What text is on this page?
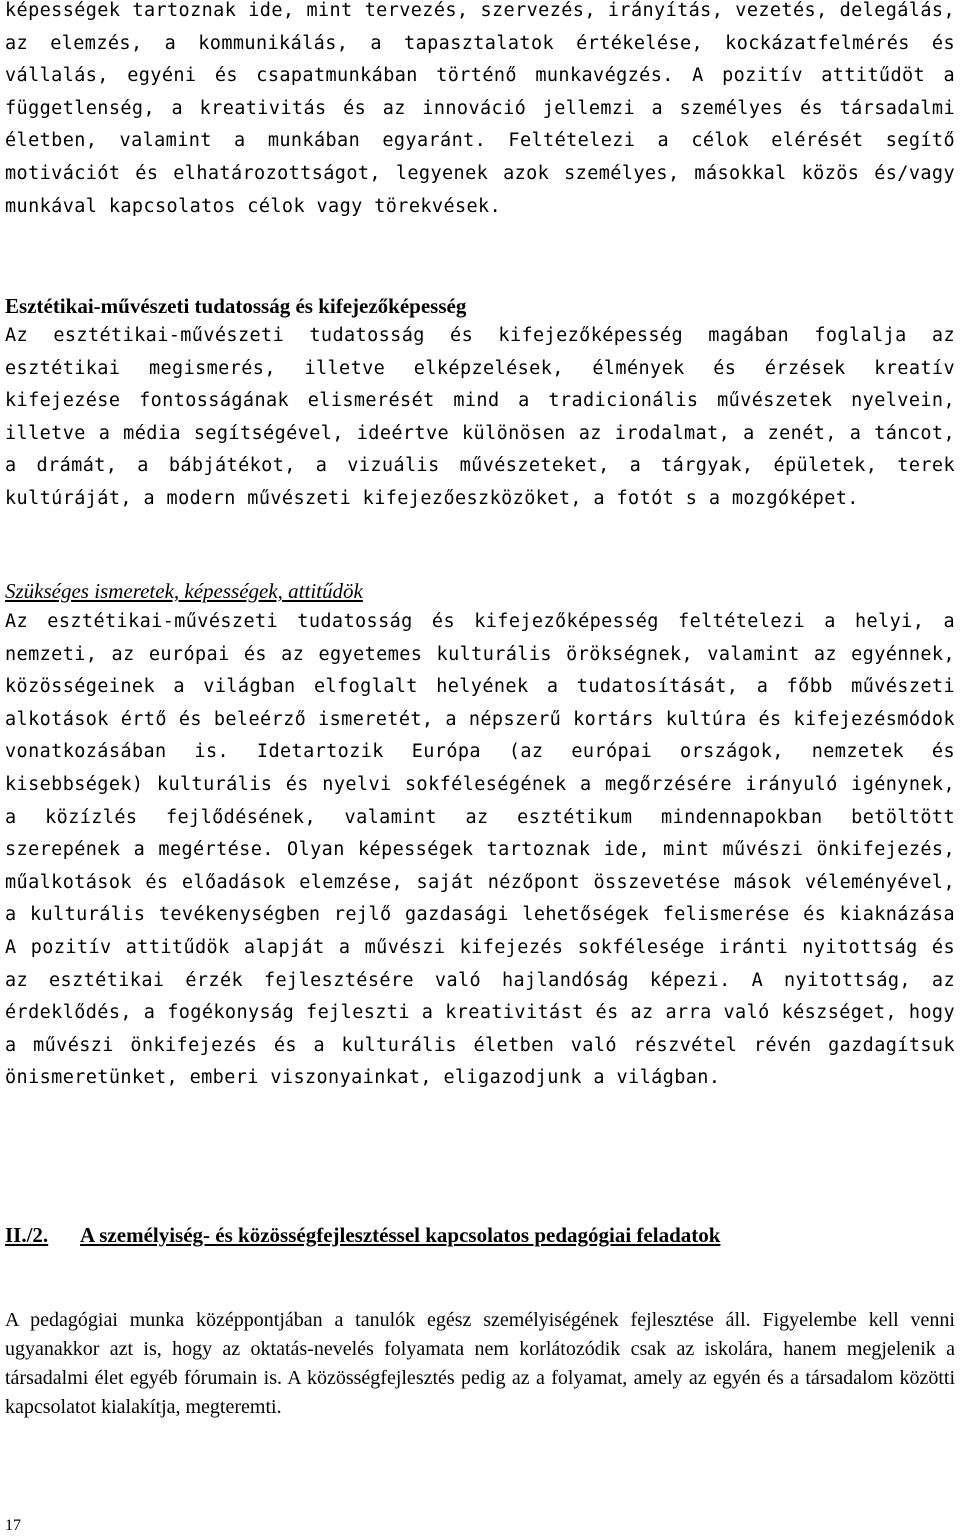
képességek tartoznak ide, mint tervezés, szervezés, irányítás, vezetés, delegálás, az elemzés, a kommunikálás, a tapasztalatok értékelése, kockázatfelmérés és vállalás, egyéni és csapatmunkában történő munkavégzés. A pozitív attitűdöt a függetlenség, a kreativitás és az innováció jellemzi a személyes és társadalmi életben, valamint a munkában egyaránt. Feltételezi a célok elérését segítő motivációt és elhatározottságot, legyenek azok személyes, másokkal közös és/vagy munkával kapcsolatos célok vagy törekvések.

Esztétikai-művészeti tudatosság és kifejezőképesség

Az esztétikai-művészeti tudatosság és kifejezőképesség magában foglalja az esztétikai megismerés, illetve elképzelések, élmények és érzések kreatív kifejezése fontosságának elismerését mind a tradicionális művészetek nyelvein, illetve a média segítségével, ideértve különösen az irodalmat, a zenét, a táncot, a drámát, a bábjátékot, a vizuális művészeteket, a tárgyak, épületek, terek kultúráját, a modern művészeti kifejezőeszközöket, a fotót s a mozgóképet.

Szükséges ismeretek, képességek, attitűdök

Az esztétikai-művészeti tudatosság és kifejezőképesség feltételezi a helyi, a nemzeti, az európai és az egyetemes kulturális örökségnek, valamint az egyénnek, közösségeinek a világban elfoglalt helyének a tudatosítását, a főbb művészeti alkotások értő és beleérző ismeretét, a népszerű kortárs kultúra és kifejezésmódok vonatkozásában is. Idetartozik Európa (az európai országok, nemzetek és kisebbségek) kulturális és nyelvi sokféleségének a megőrzésére irányuló igénynek, a közízlés fejlődésének, valamint az esztétikum mindennapokban betöltött szerepének a megértése. Olyan képességek tartoznak ide, mint művészi önkifejezés, műalkotások és előadások elemzése, saját nézőpont összevetése mások véleményével, a kulturális tevékenységben rejlő gazdasági lehetőségek felismerése és kiaknázása A pozitív attitűdök alapját a művészi kifejezés sokfélesége iránti nyitottság és az esztétikai érzék fejlesztésére való hajlandóság képezi. A nyitottság, az érdeklődés, a fogékonyság fejleszti a kreativitást és az arra való készséget, hogy a művészi önkifejezés és a kulturális életben való részvétel révén gazdagítsuk önismeretünket, emberi viszonyainkat, eligazodjunk a világban.

II./2. A személyiség- és közösségfejlesztéssel kapcsolatos pedagógiai feladatok

A pedagógiai munka középpontjában a tanulók egész személyiségének fejlesztése áll. Figyelembe kell venni ugyanakkor azt is, hogy az oktatás-nevelés folyamata nem korlátozódik csak az iskolára, hanem megjelenik a társadalmi élet egyéb fórumain is. A közösségfejlesztés pedig az a folyamat, amely az egyén és a társadalom közötti kapcsolatot kialakítja, megteremti.

17
